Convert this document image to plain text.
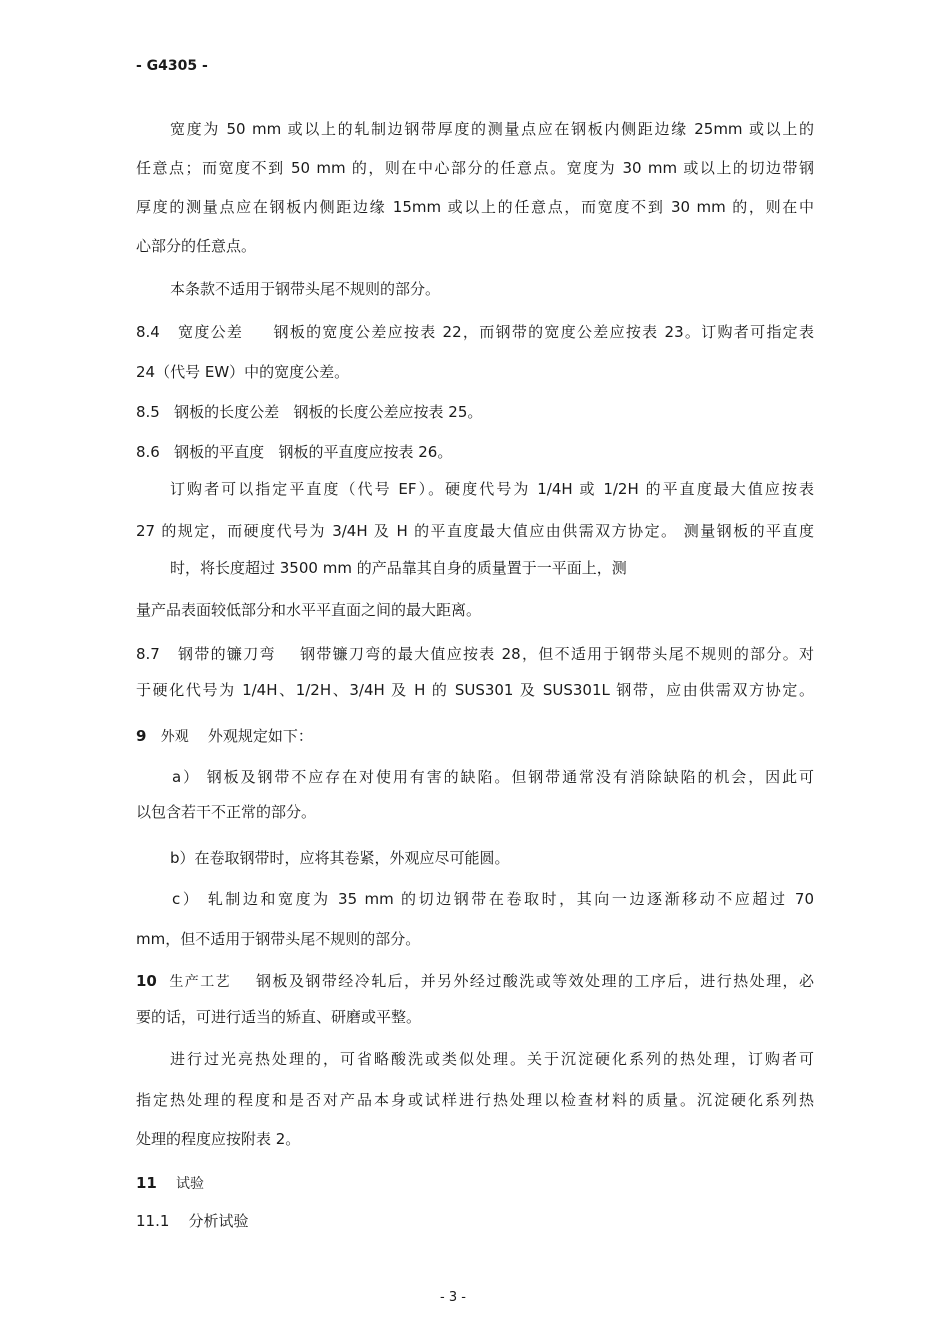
- G4305 -

宽度为 50 mm 或以上的轧制边钢带厚度的测量点应在钢板内侧距边缘 25mm 或以上的

任意点；而宽度不到 50 mm 的，则在中心部分的任意点。宽度为 30 mm 或以上的切边带钢

厚度的测量点应在钢板内侧距边缘 15mm 或以上的任意点，而宽度不到 30 mm 的，则在中

心部分的任意点。

本条款不适用于钢带头尾不规则的部分。

8.4 宽度公差 钢板的宽度公差应按表 22，而钢带的宽度公差应按表 23。订购者可指定表

24（代号 EW）中的宽度公差。

8.5 钢板的长度公差 钢板的长度公差应按表 25。
8.6 钢板的平直度 钢板的平直度应按表 26。

订购者可以指定平直度（代号 EF）。硬度代号为 1/4H 或 1/2H 的平直度最大值应按表

27 的规定，而硬度代号为 3/4H 及 H 的平直度最大值应由供需双方协定。 测量钢板的平直度

时，将长度超过 3500 mm 的产品靠其自身的质量置于一平面上，测

量产品表面较低部分和水平平直面之间的最大距离。

8.7 钢带的镰刀弯 钢带镰刀弯的最大值应按表 28，但不适用于钢带头尾不规则的部分。对

于硬化代号为 1/4H、1/2H、3/4H 及 H 的 SUS301 及 SUS301L 钢带，应由供需双方协定。

9 外观 外观规定如下：

a） 钢板及钢带不应存在对使用有害的缺陷。但钢带通常没有消除缺陷的机会，因此可

以包含若干不正常的部分。

b）在卷取钢带时，应将其卷紧，外观应尽可能圆。

c） 轧制边和宽度为 35 mm 的切边钢带在卷取时，其向一边逐渐移动不应超过 70

mm，但不适用于钢带头尾不规则的部分。

10 生产工艺 钢板及钢带经冷轧后，并另外经过酸洗或等效处理的工序后，进行热处理，必

要的话，可进行适当的矫直、研磨或平整。

进行过光亮热处理的，可省略酸洗或类似处理。关于沉淀硬化系列的热处理，订购者可

指定热处理的程度和是否对产品本身或试样进行热处理以检查材料的质量。沉淀硬化系列热

处理的程度应按附表 2。

11 试验
11.1 分析试验

- 3 -
